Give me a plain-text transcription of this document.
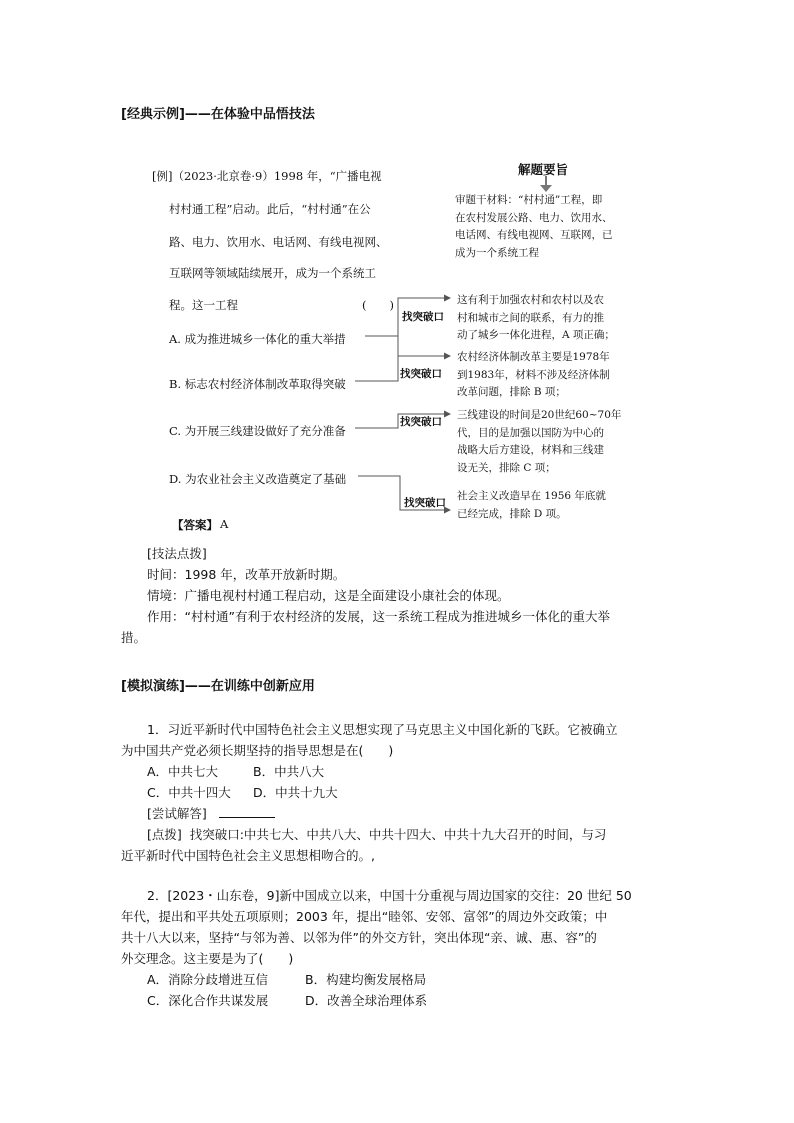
[经典示例]——在体验中品悟技法
[例]（2023·北京卷·9）1998 年，“广播电视
村村通工程”启动。此后，“村村通”在公
路、电力、饮用水、电话网、有线电视网、
互联网等领域陆续展开，成为一个系统工
程。这一工程	(　　)
A. 成为推进城乡一体化的重大举措
B. 标志农村经济体制改革取得突破
C. 为开展三线建设做好了充分准备
D. 为农业社会主义改造奠定了基础
【答案】 A
解题要旨
找突破口
找突破口
找突破口
找突破口
审题干材料：“村村通”工程，即
在农村发展公路、电力、饮用水、
电话网、有线电视网、互联网，已
成为一个系统工程
这有利于加强农村和农村以及农
村和城市之间的联系，有力的推
动了城乡一体化进程，A 项正确；
农村经济体制改革主要是1978年
到1983年，材料不涉及经济体制
改革问题，排除 B 项；
三线建设的时间是20世纪60~70年
代，目的是加强以国防为中心的
战略大后方建设，材料和三线建
设无关，排除 C 项；
社会主义改造早在 1956 年底就
已经完成，排除 D 项。
[技法点拨]
时间：1998 年，改革开放新时期。
情境：广播电视村村通工程启动，这是全面建设小康社会的体现。
作用：“村村通”有利于农村经济的发展，这一系统工程成为推进城乡一体化的重大举
措。
[模拟演练]——在训练中创新应用
1．习近平新时代中国特色社会主义思想实现了马克思主义中国化新的飞跃。它被确立
为中国共产党必须长期坚持的指导思想是在(　　)
A．中共七大	B．中共八大
C．中共十四大 D．中共十九大
[尝试解答]
[点拨] 找突破口:中共七大、中共八大、中共十四大、中共十九大召开的时间，与习
近平新时代中国特色社会主义思想相吻合的。,
2．[2023・山东卷，9]新中国成立以来，中国十分重视与周边国家的交往：20 世纪 50
年代，提出和平共处五项原则；2003 年，提出“睦邻、安邻、富邻”的周边外交政策；中
共十八大以来，坚持“与邻为善、以邻为伴”的外交方针，突出体现“亲、诚、惠、容”的
外交理念。这主要是为了(　　)
A．消除分歧增进互信	B．构建均衡发展格局
C．深化合作共谋发展	D．改善全球治理体系
